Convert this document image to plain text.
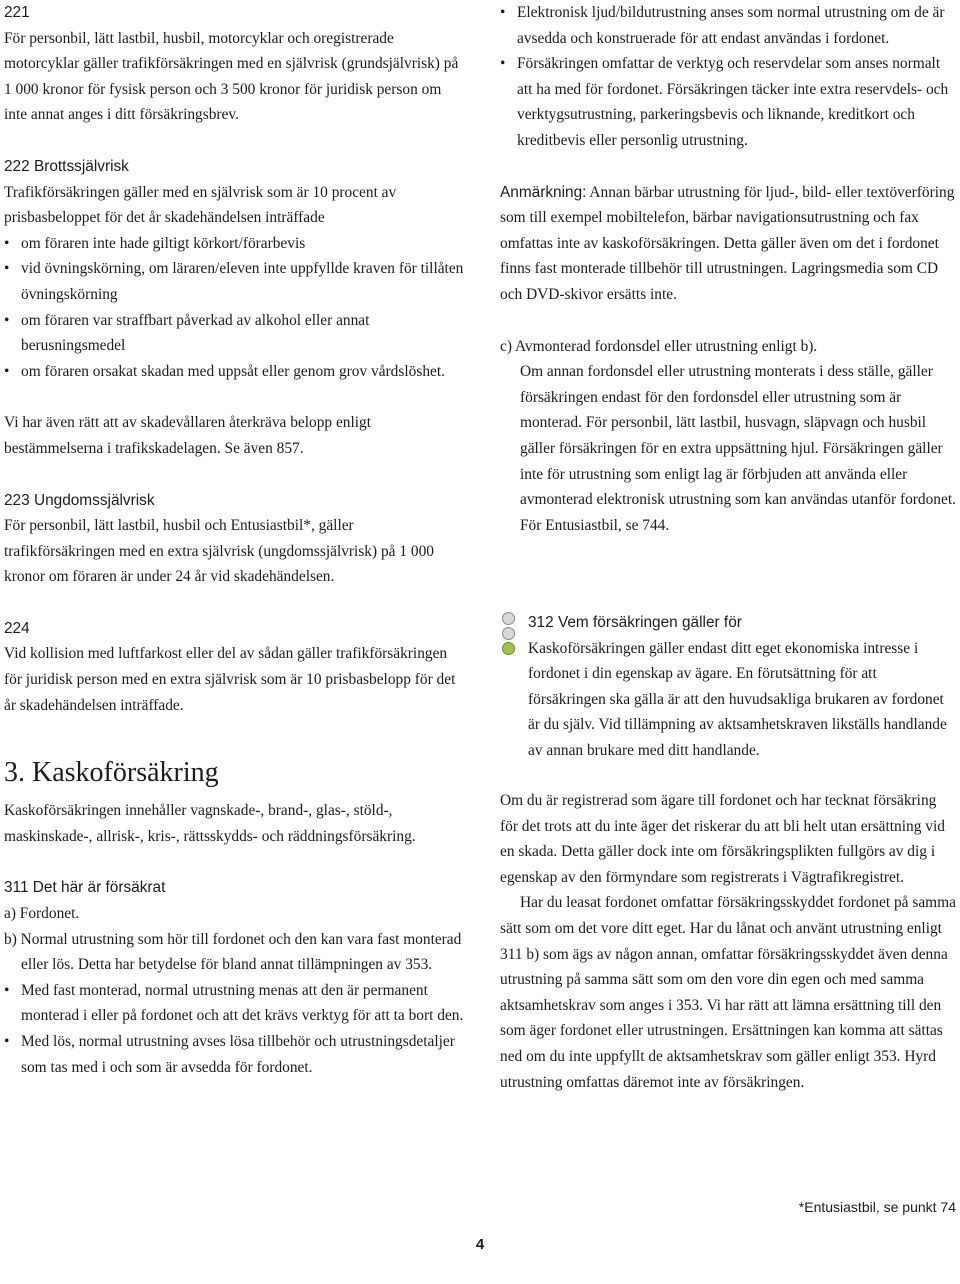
221

För personbil, lätt lastbil, husbil, motorcyklar och oregistrerade motorcyklar gäller trafikförsäkringen med en självrisk (grundsjälvrisk) på 1 000 kronor för fysisk person och 3 500 kronor för juridisk person om inte annat anges i ditt försäkringsbrev.

222 Brottssjälvrisk

Trafikförsäkringen gäller med en självrisk som är 10 procent av prisbasbeloppet för det år skadehändelsen inträffade

• om föraren inte hade giltigt körkort/förarbevis
• vid övningskörning, om läraren/eleven inte uppfyllde kraven för tillåten övningskörning
• om föraren var straffbart påverkad av alkohol eller annat berusningsmedel
• om föraren orsakat skadan med uppsåt eller genom grov vårdslöshet.

Vi har även rätt att av skadevållaren återkräva belopp enligt bestämmelserna i trafikskadelagen. Se även 857.

223 Ungdomssjälvrisk

För personbil, lätt lastbil, husbil och Entusiastbil*, gäller trafikförsäkringen med en extra självrisk (ungdomssjälvrisk) på 1 000 kronor om föraren är under 24 år vid skadehändelsen.

224

Vid kollision med luftfarkost eller del av sådan gäller trafikförsäkringen för juridisk person med en extra självrisk som är 10 prisbasbelopp för det år skadehändelsen inträffade.

3. Kaskoförsäkring

Kaskoförsäkringen innehåller vagnskade-, brand-, glas-, stöld-, maskinskade-, allrisk-, kris-, rättsskydds- och räddningsförsäkring.

311 Det här är försäkrat

a) Fordonet.

b) Normal utrustning som hör till fordonet och den kan vara fast monterad eller lös. Detta har betydelse för bland annat tillämpningen av 353.

• Med fast monterad, normal utrustning menas att den är permanent monterad i eller på fordonet och att det krävs verktyg för att ta bort den.
• Med lös, normal utrustning avses lösa tillbehör och utrustningsdetaljer som tas med i och som är avsedda för fordonet.
• Elektronisk ljud/bildutrustning anses som normal utrustning om de är avsedda och konstruerade för att endast användas i fordonet.
• Försäkringen omfattar de verktyg och reservdelar som anses normalt att ha med för fordonet. Försäkringen täcker inte extra reservdels- och verktygsutrustning, parkeringsbevis och liknande, kreditkort och kreditbevis eller personlig utrustning.

Anmärkning: Annan bärbar utrustning för ljud-, bild- eller textöverföring som till exempel mobiltelefon, bärbar navigationsutrustning och fax omfattas inte av kaskoförsäkringen. Detta gäller även om det i fordonet finns fast monterade tillbehör till utrustningen. Lagringsmedia som CD och DVD-skivor ersätts inte.

c) Avmonterad fordonsdel eller utrustning enligt b).

Om annan fordonsdel eller utrustning monterats i dess ställe, gäller försäkringen endast för den fordonsdel eller utrustning som är monterad. För personbil, lätt lastbil, husvagn, släpvagn och husbil gäller försäkringen för en extra uppsättning hjul. Försäkringen gäller inte för utrustning som enligt lag är förbjuden att använda eller avmonterad elektronisk utrustning som kan användas utanför fordonet. För Entusiastbil, se 744.

312 Vem försäkringen gäller för

Kaskoförsäkringen gäller endast ditt eget ekonomiska intresse i fordonet i din egenskap av ägare. En förutsättning för att försäkringen ska gälla är att den huvudsakliga brukaren av fordonet är du själv. Vid tillämpning av aktsamhetskraven likställs handlande av annan brukare med ditt handlande.

Om du är registrerad som ägare till fordonet och har tecknat försäkring för det trots att du inte äger det riskerar du att bli helt utan ersättning vid en skada. Detta gäller dock inte om försäkringsplikten fullgörs av dig i egenskap av den förmyndare som registrerats i Vägtrafikregistret.

Har du leasat fordonet omfattar försäkringsskyddet fordonet på samma sätt som om det vore ditt eget. Har du lånat och använt utrustning enligt 311 b) som ägs av någon annan, omfattar försäkringsskyddet även denna utrustning på samma sätt som om den vore din egen och med samma aktsamhetskrav som anges i 353. Vi har rätt att lämna ersättning till den som äger fordonet eller utrustningen. Ersättningen kan komma att sättas ned om du inte uppfyllt de aktsamhetskrav som gäller enligt 353. Hyrd utrustning omfattas däremot inte av försäkringen.

*Entusiastbil, se punkt 74
4
